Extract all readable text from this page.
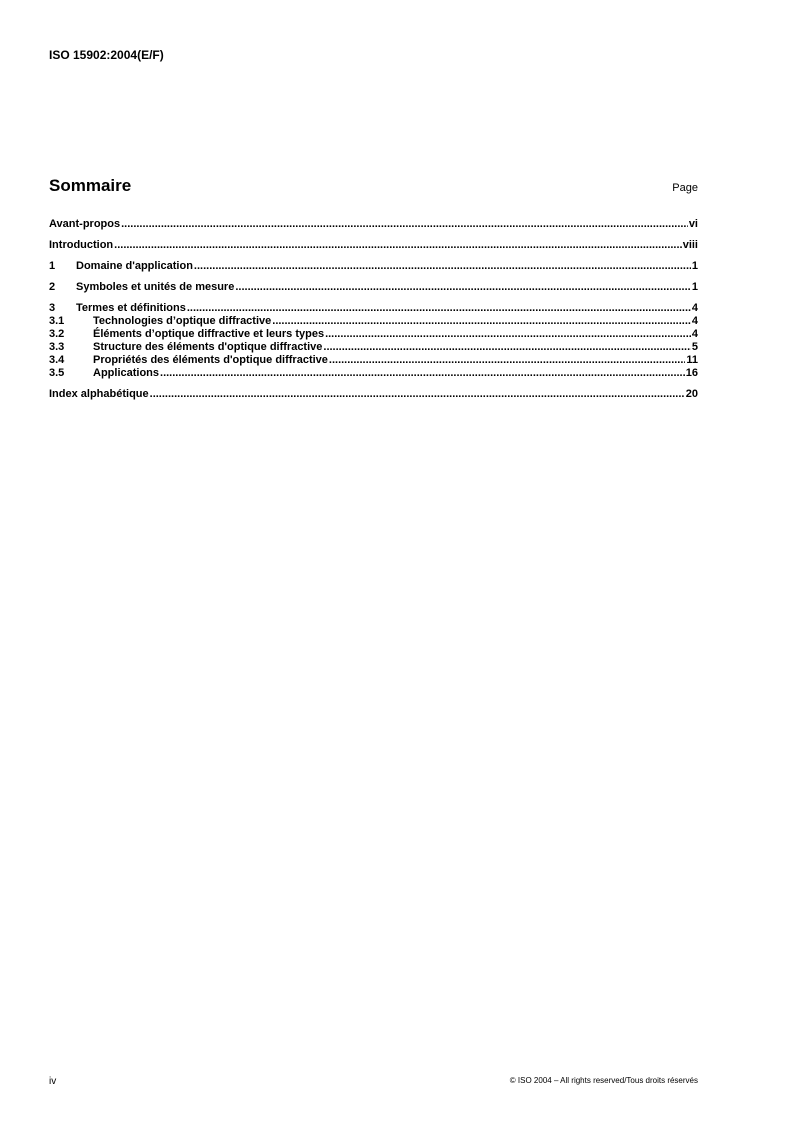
ISO 15902:2004(E/F)
Sommaire	Page
Avant-propos .....	vi
Introduction .....	viii
1	Domaine d'application .....	1
2	Symboles et unités de mesure .....	1
3	Termes et définitions .....	4
3.1	Technologies d’optique diffractive .....	4
3.2	Éléments d’optique diffractive et leurs types .....	4
3.3	Structure des éléments d'optique diffractive .....	5
3.4	Propriétés des éléments d'optique diffractive .....	11
3.5	Applications .....	16
Index alphabétique .....	20
iv	© ISO 2004 – All rights reserved/Tous droits réservés
